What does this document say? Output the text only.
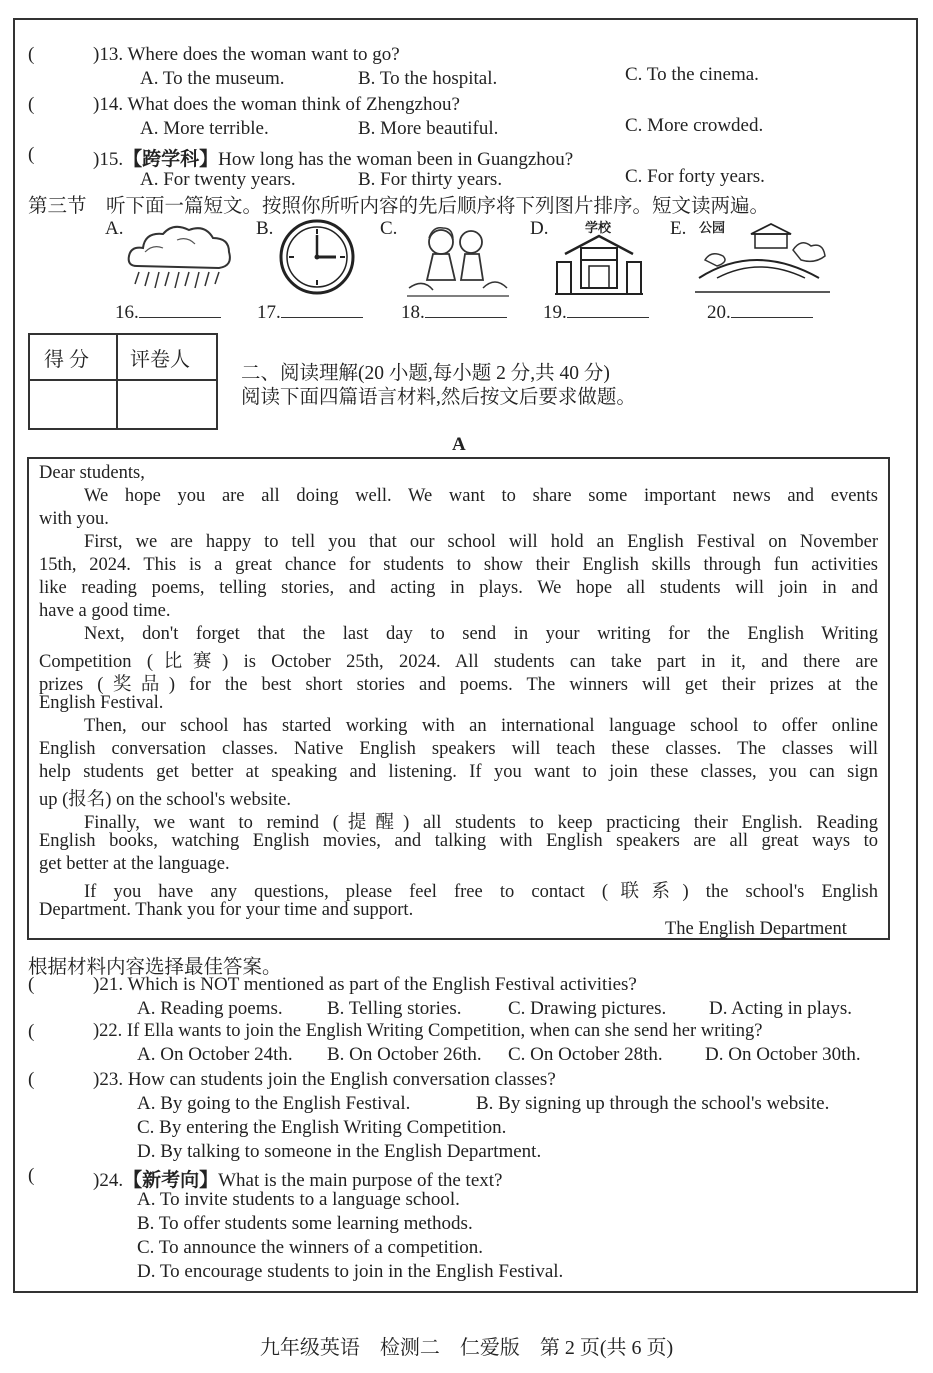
(	)13. Where does the woman want to go?
A. To the museum.	B. To the hospital.	C. To the cinema.
(	)14. What does the woman think of Zhengzhou?
A. More terrible.	B. More beautiful.	C. More crowded.
(	)15.【跨学科】How long has the woman been in Guangzhou?
A. For twenty years.	B. For thirty years.	C. For forty years.
第三节　听下面一篇短文。按照你所听内容的先后顺序将下列图片排序。短文读两遍。
A.	B.	C.	D.	学校	E. 公园
16.	17.	18.	19.	20.
得 分 评卷人
二、阅读理解(20 小题,每小题 2 分,共 40 分)
阅读下面四篇语言材料,然后按文后要求做题。
A
Dear students,
We hope you are all doing well. We want to share some important news and events
with you.
First, we are happy to tell you that our school will hold an English Festival on November
15th, 2024. This is a great chance for students to show their English skills through fun activities
like reading poems, telling stories, and acting in plays. We hope all students will join in and
have a good time.
Next, don't forget that the last day to send in your writing for the English Writing
Competition (比赛) is October 25th, 2024. All students can take part in it, and there are
prizes (奖品) for the best short stories and poems. The winners will get their prizes at the
English Festival.
Then, our school has started working with an international language school to offer online
English conversation classes. Native English speakers will teach these classes. The classes will
help students get better at speaking and listening. If you want to join these classes, you can sign
up (报名) on the school's website.
Finally, we want to remind (提醒) all students to keep practicing their English. Reading
English books, watching English movies, and talking with English speakers are all great ways to
get better at the language.
If you have any questions, please feel free to contact (联系) the school's English
Department. Thank you for your time and support.
The English Department
根据材料内容选择最佳答案。
(	)21. Which is NOT mentioned as part of the English Festival activities?
A. Reading poems. B. Telling stories. C. Drawing pictures. D. Acting in plays.
(	)22. If Ella wants to join the English Writing Competition, when can she send her writing?
A. On October 24th. B. On October 26th. C. On October 28th. D. On October 30th.
(	)23. How can students join the English conversation classes?
A. By going to the English Festival.	B. By signing up through the school's website.
C. By entering the English Writing Competition.
D. By talking to someone in the English Department.
(	)24.【新考向】What is the main purpose of the text?
A. To invite students to a language school.
B. To offer students some learning methods.
C. To announce the winners of a competition.
D. To encourage students to join in the English Festival.
九年级英语　检测二　仁爱版　第 2 页(共 6 页)
